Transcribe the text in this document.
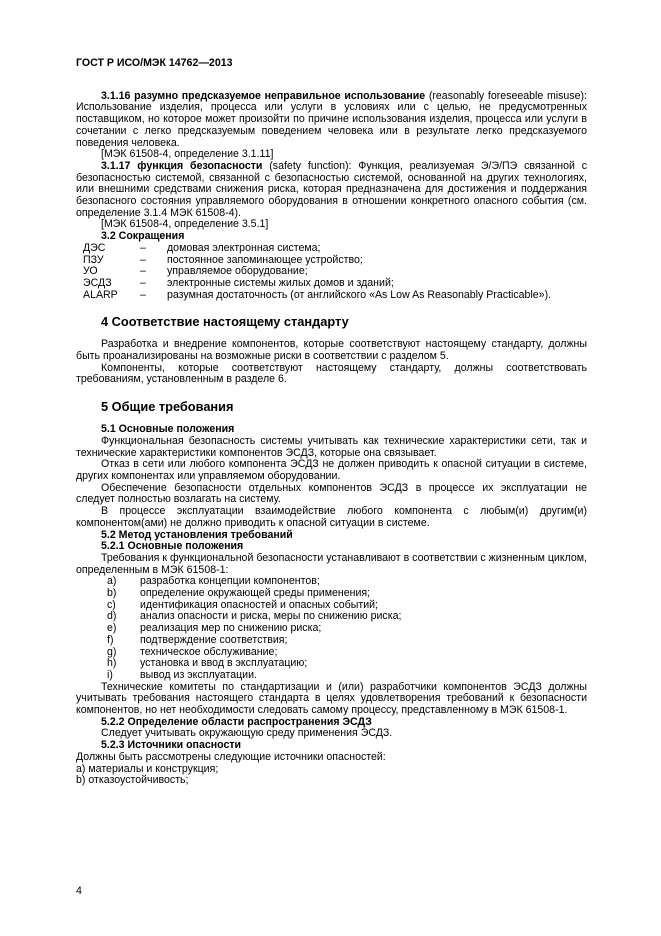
ГОСТ Р ИСО/МЭК 14762—2013

3.1.16 разумно предсказуемое неправильное использование (reasonably foreseeable misuse): Использование изделия, процесса или услуги в условиях или с целью, не предусмотренных поставщиком, но которое может произойти по причине использования изделия, процесса или услуги в сочетании с легко предсказуемым поведением человека или в результате легко предсказуемого поведения человека.

[МЭК 61508-4, определение 3.1.11]

3.1.17 функция безопасности (safety function): Функция, реализуемая Э/Э/ПЭ связанной с безопасностью системой, связанной с безопасностью системой, основанной на других технологиях, или внешними средствами снижения риска, которая предназначена для достижения и поддержания безопасного состояния управляемого оборудования в отношении конкретного опасного события (см. определение 3.1.4 МЭК 61508-4).

[МЭК 61508-4, определение 3.5.1]

3.2 Сокращения

ДЭС	–	домовая электронная система;
ПЗУ	–	постоянное запоминающее устройство;
УО	–	управляемое оборудование;
ЭСДЗ	–	электронные системы жилых домов и зданий;
ALARP	–	разумная достаточность (от английского «As Low As Reasonably Practicable»).
4 Соответствие настоящему стандарту

Разработка и внедрение компонентов, которые соответствуют настоящему стандарту, должны быть проанализированы на возможные риски в соответствии с разделом 5.

Компоненты, которые соответствуют настоящему стандарту, должны соответствовать требованиям, установленным в разделе 6.

5 Общие требования

5.1 Основные положения

Функциональная безопасность системы учитывать как технические характеристики сети, так и технические характеристики компонентов ЭСДЗ, которые она связывает.

Отказ в сети или любого компонента ЭСДЗ не должен приводить к опасной ситуации в системе, других компонентах или управляемом оборудовании.

Обеспечение безопасности отдельных компонентов ЭСДЗ в процессе их эксплуатации не следует полностью возлагать на систему.

В процессе эксплуатации взаимодействие любого компонента с любым(и) другим(и) компонентом(ами) не должно приводить к опасной ситуации в системе.

5.2 Метод установления требований

5.2.1 Основные положения

Требования к функциональной безопасности устанавливают в соответствии с жизненным циклом, определенным в МЭК 61508-1:

a)	разработка концепции компонентов;
b)	определение окружающей среды применения;
c)	идентификация опасностей и опасных событий;
d)	анализ опасности и риска, меры по снижению риска;
e)	реализация мер по снижению риска;
f)	подтверждение соответствия;
g)	техническое обслуживание;
h)	установка и ввод в эксплуатацию;
i)	вывод из эксплуатации.

Технические комитеты по стандартизации и (или) разработчики компонентов ЭСДЗ должны учитывать требования настоящего стандарта в целях удовлетворения требований к безопасности компонентов, но нет необходимости следовать самому процессу, представленному в МЭК 61508-1.

5.2.2 Определение области распространения ЭСДЗ

Следует учитывать окружающую среду применения ЭСДЗ.

5.2.3 Источники опасности

Должны быть рассмотрены следующие источники опасностей:

a) материалы и конструкция;

b) отказоустойчивость;

4
